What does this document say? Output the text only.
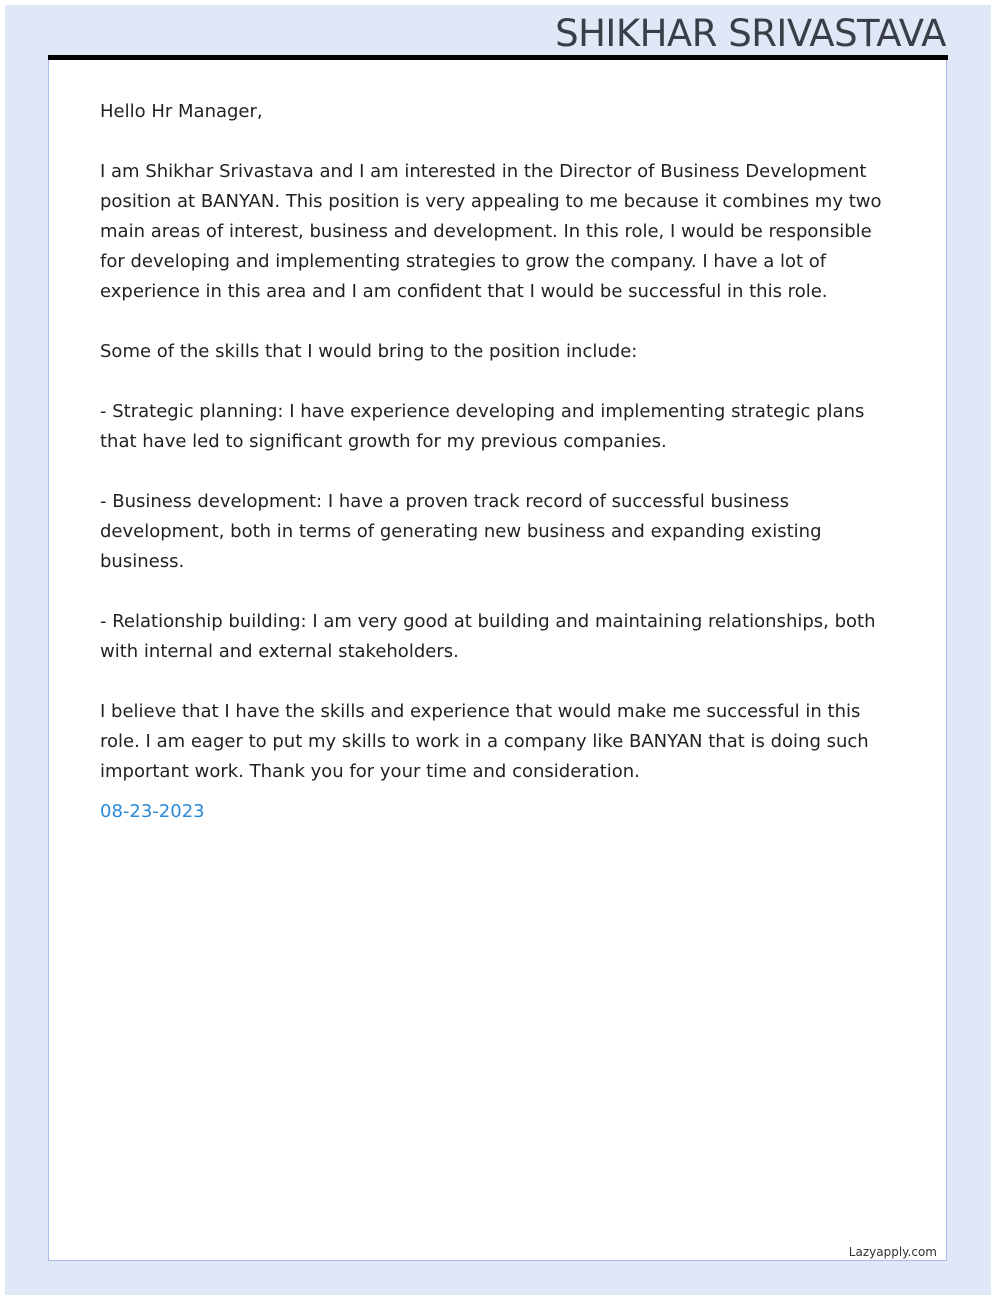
SHIKHAR SRIVASTAVA

Hello Hr Manager,

I am Shikhar Srivastava and I am interested in the Director of Business Development position at BANYAN. This position is very appealing to me because it combines my two main areas of interest, business and development. In this role, I would be responsible for developing and implementing strategies to grow the company. I have a lot of experience in this area and I am confident that I would be successful in this role.

Some of the skills that I would bring to the position include:

- Strategic planning: I have experience developing and implementing strategic plans that have led to significant growth for my previous companies.

- Business development: I have a proven track record of successful business development, both in terms of generating new business and expanding existing business.

- Relationship building: I am very good at building and maintaining relationships, both with internal and external stakeholders.

I believe that I have the skills and experience that would make me successful in this role. I am eager to put my skills to work in a company like BANYAN that is doing such important work. Thank you for your time and consideration.

08-23-2023
Lazyapply.com
